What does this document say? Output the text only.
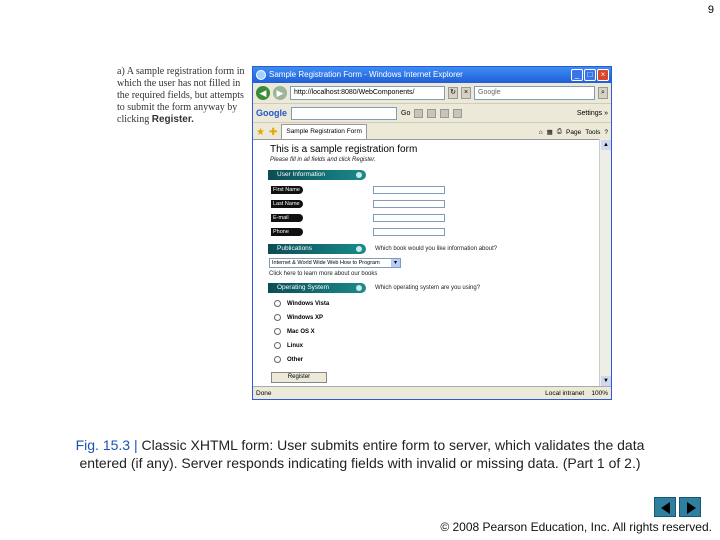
9
a) A sample registration form in which the user has not filled in the required fields, but attempts to submit the form anyway by clicking Register.
Sample Registration Form - Windows Internet Explorer	_	□	×
◀	▶	http://localhost:8080/WebComponents/	↻	×	Google	⌕
Google	Go	Settings »
★ ✚	Sample Registration Form	⌂ ▦ ⎙ Page Tools ?
This is a sample registration form
Please fill in all fields and click Register.
User Information
First Name
Last Name
E-mail
Phone
Publications	Which book would you like information about?
Internet & World Wide Web How to Program	▾
Click here to learn more about our books
Operating System	Which operating system are you using?
Windows Vista
Windows XP
Mac OS X
Linux
Other
Register
▲
▼
Done	Local intranet 100%
Fig. 15.3 | Classic XHTML form: User submits entire form to server, which validates the data entered (if any). Server responds indicating fields with invalid or missing data. (Part 1 of 2.)
© 2008 Pearson Education, Inc. All rights reserved.
